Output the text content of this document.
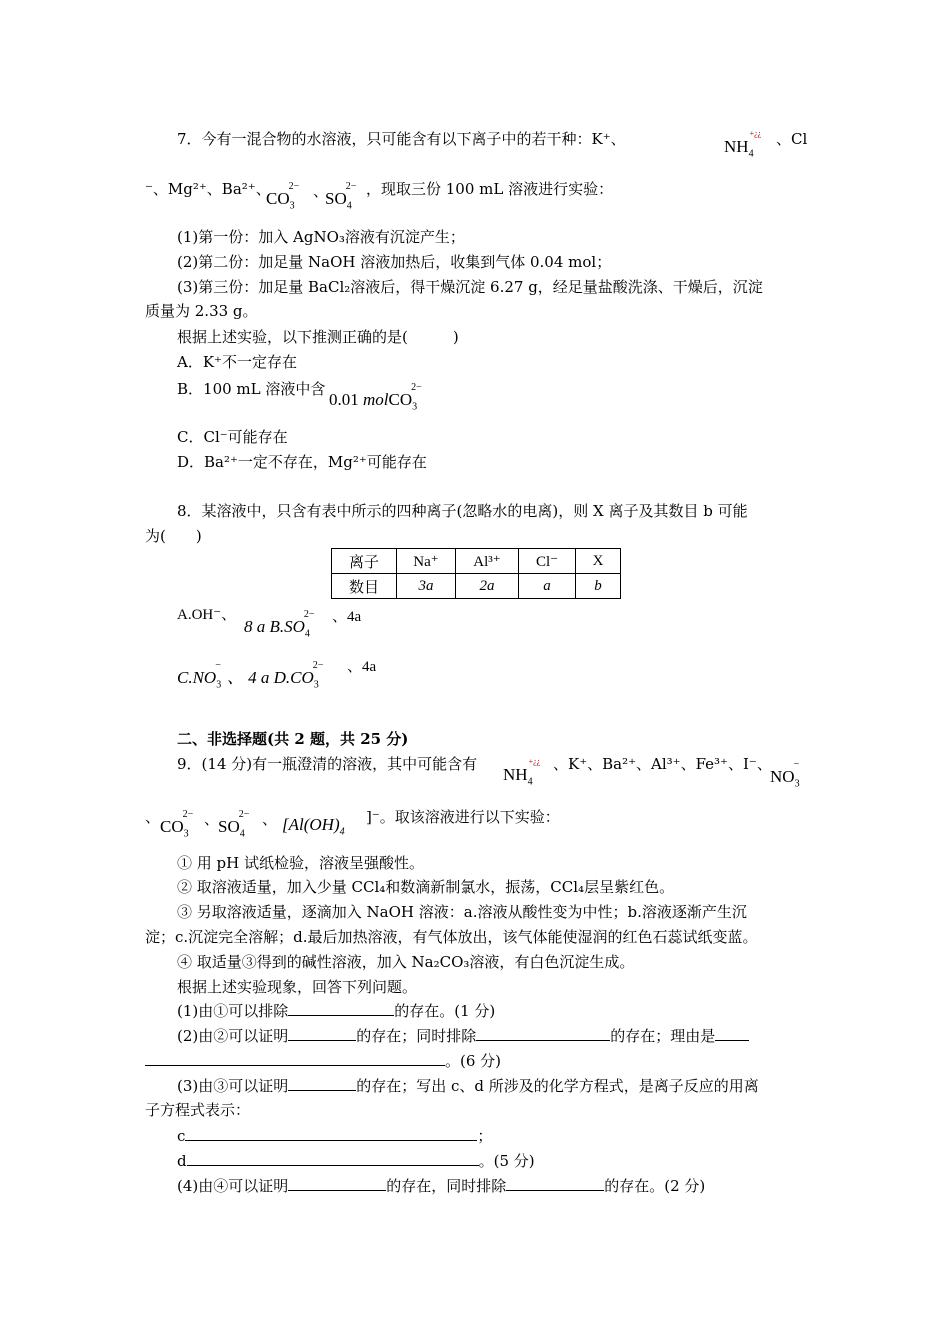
7．今有一混合物的水溶液，只可能含有以下离子中的若干种：K⁺、	$NH_4^{+¿¿}$ 、Cl
⁻、Mg²⁺、Ba²⁺、
$CO_3^{2-}$ 、
$SO_4^{2-}$ ，现取三份 100 mL 溶液进行实验：
(1)第一份：加入 AgNO₃溶液有沉淀产生；
(2)第二份：加足量 NaOH 溶液加热后，收集到气体 0.04 mol；
(3)第三份：加足量 BaCl₂溶液后，得干燥沉淀 6.27 g，经足量盐酸洗涤、干燥后，沉淀
质量为 2.33 g。
根据上述实验，以下推测正确的是(　　　)
A．K⁺不一定存在
B．100 mL 溶液中含
0.01 molCO$_3^{2-}$
C．Cl⁻可能存在
D．Ba²⁺一定不存在，Mg²⁺可能存在
8．某溶液中，只含有表中所示的四种离子(忽略水的电离)，则 X 离子及其数目 b 可能
为(　　)
离子	Na⁺	Al³⁺	Cl⁻	X
数目	3a	2a	a	b
A.OH⁻、
8 a $B.SO_4^{2-}$	、4a
$C.NO_3^-$、 4 a $D.CO_3^{2-}$	、4a
二、非选择题(共 2 题，共 25 分)
9．(14 分)有一瓶澄清的溶液，其中可能含有
$NH_4^{+¿¿}$ 、K⁺、Ba²⁺、Al³⁺、Fe³⁺、I⁻、
$NO_3^-$
、 $CO_3^{2-}$ 、
$SO_4^{2-}$ 、 [$Al(OH)_4$
]⁻。取该溶液进行以下实验：
① 用 pH 试纸检验，溶液呈强酸性。
② 取溶液适量，加入少量 CCl₄和数滴新制氯水，振荡，CCl₄层呈紫红色。
③ 另取溶液适量，逐滴加入 NaOH 溶液：a.溶液从酸性变为中性；b.溶液逐渐产生沉
淀；c.沉淀完全溶解；d.最后加热溶液，有气体放出，该气体能使湿润的红色石蕊试纸变蓝。
④ 取适量③得到的碱性溶液，加入 Na₂CO₃溶液，有白色沉淀生成。
根据上述实验现象，回答下列问题。
(1)由①可以排除	的存在。(1 分)
(2)由②可以证明	的存在；同时排除	的存在；理由是
。(6 分)
(3)由③可以证明	的存在；写出 c、d 所涉及的化学方程式，是离子反应的用离
子方程式表示：
c	；
d	。(5 分)
(4)由④可以证明	的存在，同时排除	的存在。(2 分)
